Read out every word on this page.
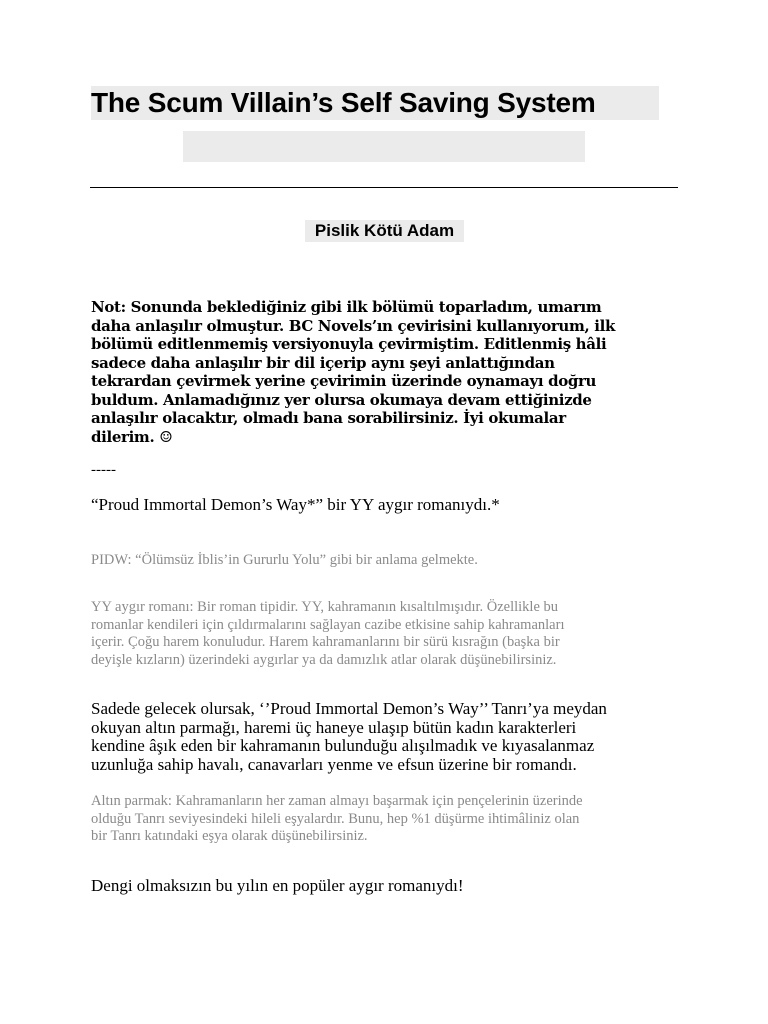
The Scum Villain’s Self Saving System
Pislik Kötü Adam
Not: Sonunda beklediğiniz gibi ilk bölümü toparladım, umarım
daha anlaşılır olmuştur. BC Novels’ın çevirisini kullanıyorum, ilk
bölümü editlenmemiş versiyonuyla çevirmiştim. Editlenmiş hâli
sadece daha anlaşılır bir dil içerip aynı şeyi anlattığından
tekrardan çevirmek yerine çevirimin üzerinde oynamayı doğru
buldum. Anlamadığınız yer olursa okumaya devam ettiğinizde
anlaşılır olacaktır, olmadı bana sorabilirsiniz. İyi okumalar
dilerim. ☺
-----
“Proud Immortal Demon’s Way*” bir YY aygır romanıydı.*
PIDW: “Ölümsüz İblis’in Gururlu Yolu” gibi bir anlama gelmekte.
YY aygır romanı: Bir roman tipidir. YY, kahramanın kısaltılmışıdır. Özellikle bu
romanlar kendileri için çıldırmalarını sağlayan cazibe etkisine sahip kahramanları
içerir. Çoğu harem konuludur. Harem kahramanlarını bir sürü kısrağın (başka bir
deyişle kızların) üzerindeki aygırlar ya da damızlık atlar olarak düşünebilirsiniz.
Sadede gelecek olursak, ‘’Proud Immortal Demon’s Way’’ Tanrı’ya meydan
okuyan altın parmağı, haremi üç haneye ulaşıp bütün kadın karakterleri
kendine âşık eden bir kahramanın bulunduğu alışılmadık ve kıyasalanmaz
uzunluğa sahip havalı, canavarları yenme ve efsun üzerine bir romandı.
Altın parmak: Kahramanların her zaman almayı başarmak için pençelerinin üzerinde
olduğu Tanrı seviyesindeki hileli eşyalardır. Bunu, hep %1 düşürme ihtimâliniz olan
bir Tanrı katındaki eşya olarak düşünebilirsiniz.
Dengi olmaksızın bu yılın en popüler aygır romanıydı!
